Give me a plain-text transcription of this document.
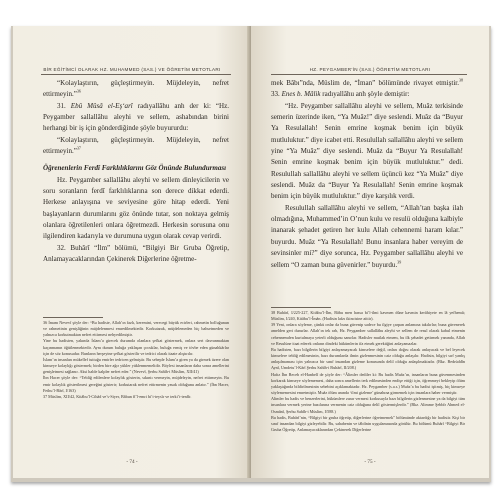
BİR EĞİTİMCİ OLARAK HZ. MUHAMMED (SAS.) VE ÖĞRETİM METOTLARI

“Kolaylaştırın, güçleştirmeyin. Müjdeleyin, nefret ettirmeyin.”$^{36}$

31. Ebû Mûsâ el-Eş‘arî radıyallâhu anh der ki: “Hz. Peygamber sallallâhu aleyhi ve sellem, ashabından birini herhangi bir iş için gönderdiğinde şöyle buyururdu:

“Kolaylaştırın, güçleştirmeyin. Müjdeleyin, nefret ettirmeyin.”$^{37}$

Öğrenenlerin Ferdî Farklılıklarını Göz Önünde Bulundurması

Hz. Peygamber sallallâhu aleyhi ve sellem dinleyicilerin ve soru soranların ferdî farklılıklarına son derece dikkat ederdi. Herkese anlayışına ve seviyesine göre hitap ederdi. Yeni başlayanların durumlarını göz önünde tutar, son noktaya gelmiş olanlara öğretilenleri onlara öğretmezdi. Herkesin sorusuna onu ilgilendiren kadarıyla ve durumuna uygun olarak cevap verirdi.

32. Buhârî “İlm” bölümü, “Bilgiyi Bir Gruba Öğretip, Anlamayacaklarından Çekinerek Diğerlerine öğretme-

36 İmam Nevevî şöyle der: “Bu hadiste, Allah’ın fazlı, keremini, verecegi büyük ecirleri, rahmetin bolluğunun ve rahmetinin genişliğinin müjdelenmesi emredilmektedir. Korkutarak, müjdelemeden hiç bahsetmeden ve yalnızca korkutmaktan nefret ettirmesi nehyedilmiştir.

Yine bu hadisten, yakında İslam’a girecek durumda olanlara şefkat göstermek, onlara sert davranmaktan kaçınmanın öğütlenmektedir. Aynı durum buluğa yaklaşan çocuklar, buluğa ermiş ve tövbe eden günahkârlar için de söz konusudur. Bunların herşeyine şefkat gösterilir ve tedrici olarak itaate alıştırılır.

İslam’ın insanları mükellef tuttuğu emirler tedricen gelmiştir. Bu sebeple İslam’a giren ya da girmek üzere olan kimseye kolaylığı göstermek; birden bire ağır yükler yüklenmemelidir. Böylesi insanların daha sonra amellerini genişletmesi sağlanır. Aksi halde kalpler nefret eder.” (Nevevî, Şerhu Sahîh-i Müslim, XII/41)

İbn Hacer şöyle der: “Tebliğ edilenlere kolaylık gösterin, sıkıntı vermeyin, müjdeleyin, nefret ettirmeyin. Bu emir kolaylık gösterilmesi gereğini gösterir; korkutarak nefret ettirmenin yasak olduğunu anlatır.” (İbn Hacer, Fethu’l-Bârî, I/163)

37 Müslim, XII/42, Kitâbu’l-Cihâd ve’s-Siyer, Bâbun fî’l-emri bi’t-teysîr ve terki’t-tenfîr.

- 74 -
HZ. PEYGAMBER’İN (SAS.) ÖĞRETİM METOTLARI

mek Bâbı”nda, Müslim de, “İman” bölümünde rivayet etmiştir.$^{38}$ 33. Enes b. Mâlik radıyallâhu anh şöyle demiştir:

“Hz. Peygamber sallallâhu aleyhi ve sellem, Muâz terkisinde semerin üzerinde iken, “Ya Muâz!” diye seslendi. Muâz da “Buyur Ya Resulallah! Senin emrine koşmak benim için büyük mutluluktur.” diye icabet etti. Resulullah sallallâhu aleyhi ve sellem yine “Ya Muâz” diye seslendi. Muâz da “Buyur Ya Resulallah! Senin emrine koşmak benim için büyük mutluluktur.” dedi. Resulullah sallallâhu aleyhi ve sellem üçüncü kez “Ya Muâz” diye seslendi. Muâz da “Buyur Ya Resulallah! Senin emrine koşmak benim için büyük mutluluktur.” diye karşılık verdi.

Resulullah sallallâhu aleyhi ve sellem, “Allah’tan başka ilah olmadığına, Muhammed’in O’nun kulu ve resulü olduğuna kalbiyle inanarak şehadet getiren her kulu Allah cehennemi haram kılar.” buyurdu. Muâz “Ya Resulallah! Bunu insanlara haber vereyim de sevinsinler mi?” diye sorunca, Hz. Peygamber sallallâhu aleyhi ve sellem “O zaman buna güvenirler.” buyurdu.$^{39}$

38 Buhârî, I/225-227, Kitâbu’l-İlm, Bâbu men hassa bi’l-ilmi kavmen dûne kavmin kerâhiyete en lâ yefhemû; Müslim, I/240, Kitâbu’l-Îmân. (Hadisin lafzı ikincisine aittir).

39 Yeni, onlara söyleme, çünkü onlar da buna güvenip sadece bu ilgiye çarpan anlamına takılırlar; buna güvenerek amelden geri dururlar. Allah’ın tek rab, Hz. Peygamber sallallâhu aleyhi ve sellem de resul olarak kabul etmenin cehennemden kurtulmaya yeterli olduğunu sanırlar. Hadisler mutlak etmem, bu ilk şehadet getirmek yanında, Allah ve Resulüne itaat ederek onların dindeki hükümlerin ifa etmek gerektiğini anlayamazlar.

Bu hadisten, bazı bilgilerin bilgiyi anlayamayacak kimselere değil, onları doğru olarak anlayacak ve bel leyecek kimselere tebliğ edilmesinin, bazı durumlarda ilmin gizlenmesinin caiz olduğu anlaşılır. Hadisin, bilgiyi sırf yanlış anlaşılmaması için yalnızca bir sınıf insandan gizleme konusunda delil olduğu anlaşılmaktadır. (Bkz. Bedrüddîn Aynî, Umdetu’l-Kârî Şerhu Sahîh-i Buhârî, II/208.)

Hafız İbn Receb el-Hanbelî de şöyle der: “Âlimler dediler ki: Bu hadis Muâz’ın, insanların buna güvenmesinden korkarak kimseye söylememesi, daha sonra amellerin terk edilmesinden endişe ettiği için, öğrenmeyi bekleyip ölüm yaklaştığında bildirilmesinin sebebini açıklamaktadır. Hz. Peygamber (s.a.s.) Muâz’a bu hadisi işitmiş, hiç kimseye söylememesini emretmiştir. Muâz ölüm anında ‘ilmi gizleme’ günahına girmemek için insanlara haber vermiştir.

Alimler bu hadis ve benzerlerini, hükümlere zarar vermesi korkusuyla bazı bilgilerin gizlenmesine ya da bilgiyi tüm insanlara vermek yerine bazılarına vermenin caiz olduğuna delil göstermişlerdir.” (Bkz. Alimme Şebbîr Ahmed el-Osmânî, Şerhu Sahîh-i Müslim, I/588.)

Bu hadis, Buhârî’nin, “Bilgiyi bir gruba öğretip, diğerlerine öğretmemek” bölümünde aktardığı bir hadistir. Kişi bir sınıf insandan bilgiyi gizleyebilir. Bu, sahabenin ve tâbiînin uygulamasında görülür. Bu bölümü Buhârî “Bilgiyi Bir Gruba Öğretip, Anlamayacaklarından Çekinerek Diğerlerine

- 75 -
